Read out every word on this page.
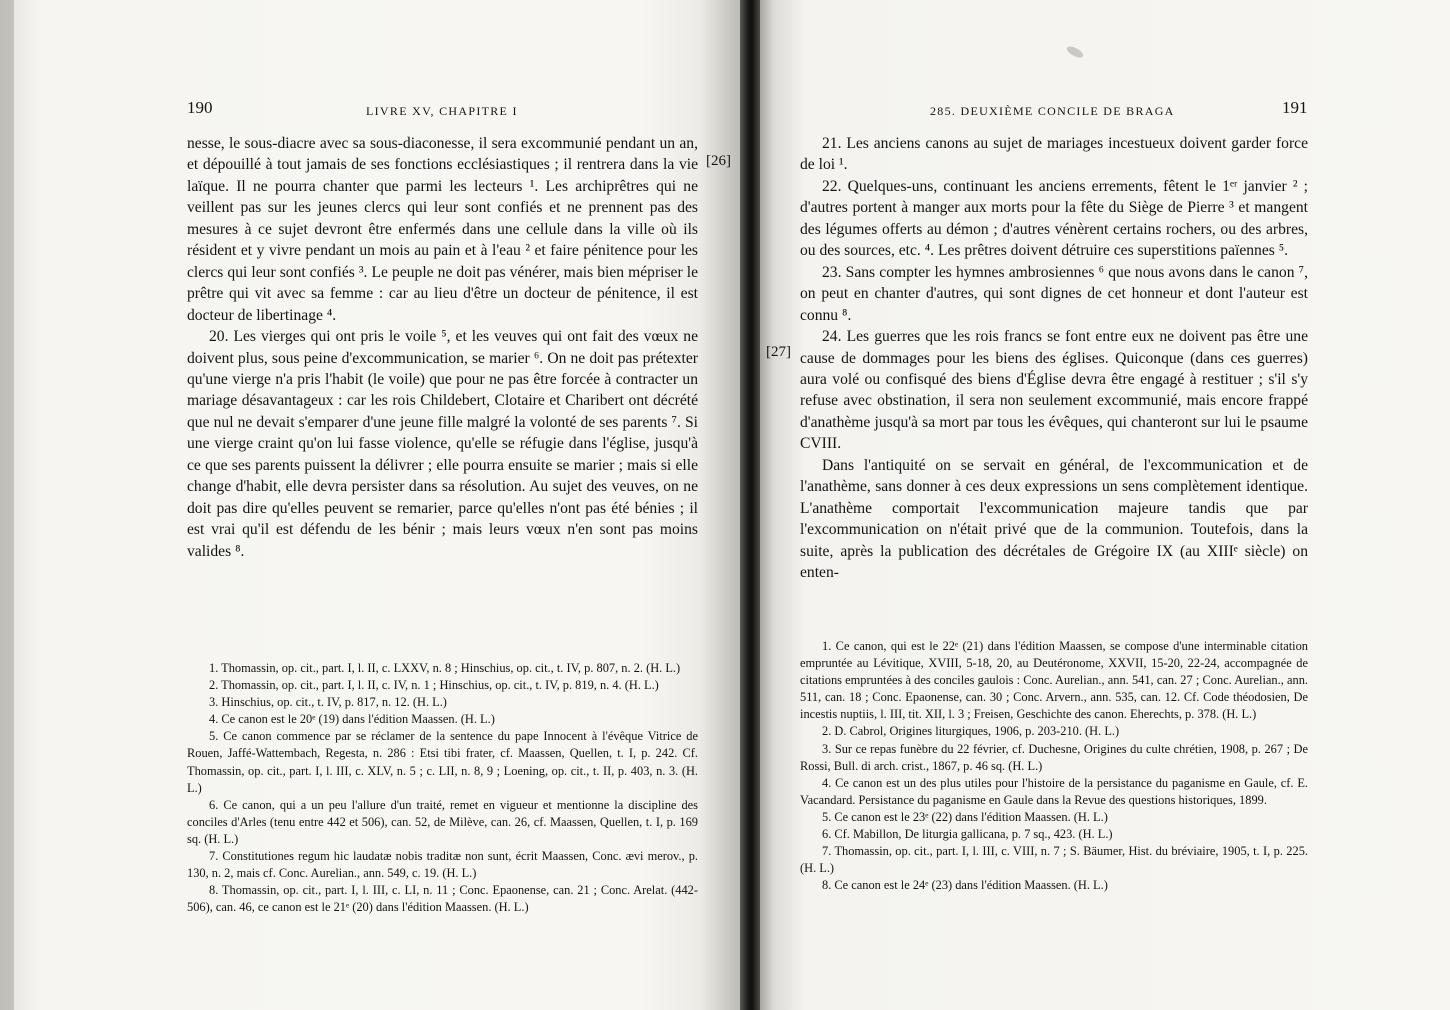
190	LIVRE XV, CHAPITRE I

nesse, le sous-diacre avec sa sous-diaconesse, il sera excommunié pendant un an, et dépouillé à tout jamais de ses fonctions ecclésiastiques ; il rentrera dans la vie laïque. Il ne pourra chanter que parmi les lecteurs ¹. Les archiprêtres qui ne veillent pas sur les jeunes clercs qui leur sont confiés et ne prennent pas des mesures à ce sujet devront être enfermés dans une cellule dans la ville où ils résident et y vivre pendant un mois au pain et à l'eau ² et faire pénitence pour les clercs qui leur sont confiés ³. Le peuple ne doit pas vénérer, mais bien mépriser le prêtre qui vit avec sa femme : car au lieu d'être un docteur de pénitence, il est docteur de libertinage ⁴.

20. Les vierges qui ont pris le voile ⁵, et les veuves qui ont fait des vœux ne doivent plus, sous peine d'excommunication, se marier ⁶. On ne doit pas prétexter qu'une vierge n'a pris l'habit (le voile) que pour ne pas être forcée à contracter un mariage désavantageux : car les rois Childebert, Clotaire et Charibert ont décrété que nul ne devait s'emparer d'une jeune fille malgré la volonté de ses parents ⁷. Si une vierge craint qu'on lui fasse violence, qu'elle se réfugie dans l'église, jusqu'à ce que ses parents puissent la délivrer ; elle pourra ensuite se marier ; mais si elle change d'habit, elle devra persister dans sa résolution. Au sujet des veuves, on ne doit pas dire qu'elles peuvent se remarier, parce qu'elles n'ont pas été bénies ; il est vrai qu'il est défendu de les bénir ; mais leurs vœux n'en sont pas moins valides ⁸.

1. Thomassin, op. cit., part. I, l. II, c. LXXV, n. 8 ; Hinschius, op. cit., t. IV, p. 807, n. 2. (H. L.)

2. Thomassin, op. cit., part. I, l. II, c. IV, n. 1 ; Hinschius, op. cit., t. IV, p. 819, n. 4. (H. L.)

3. Hinschius, op. cit., t. IV, p. 817, n. 12. (H. L.)

4. Ce canon est le 20ᵉ (19) dans l'édition Maassen. (H. L.)

5. Ce canon commence par se réclamer de la sentence du pape Innocent à l'évêque Vitrice de Rouen, Jaffé-Wattembach, Regesta, n. 286 : Etsi tibi frater, cf. Maassen, Quellen, t. I, p. 242. Cf. Thomassin, op. cit., part. I, l. III, c. XLV, n. 5 ; c. LII, n. 8, 9 ; Loening, op. cit., t. II, p. 403, n. 3. (H. L.)

6. Ce canon, qui a un peu l'allure d'un traité, remet en vigueur et mentionne la discipline des conciles d'Arles (tenu entre 442 et 506), can. 52, de Milève, can. 26, cf. Maassen, Quellen, t. I, p. 169 sq. (H. L.)

7. Constitutiones regum hic laudatæ nobis traditæ non sunt, écrit Maassen, Conc. ævi merov., p. 130, n. 2, mais cf. Conc. Aurelian., ann. 549, c. 19. (H. L.)

8. Thomassin, op. cit., part. I, l. III, c. LI, n. 11 ; Conc. Epaonense, can. 21 ; Conc. Arelat. (442-506), can. 46, ce canon est le 21ᵉ (20) dans l'édition Maassen. (H. L.)

[26]
285. DEUXIÈME CONCILE DE BRAGA	191

21. Les anciens canons au sujet de mariages incestueux doivent garder force de loi ¹.

22. Quelques-uns, continuant les anciens errements, fêtent le 1ᵉʳ janvier ² ; d'autres portent à manger aux morts pour la fête du Siège de Pierre ³ et mangent des légumes offerts au démon ; d'autres vénèrent certains rochers, ou des arbres, ou des sources, etc. ⁴. Les prêtres doivent détruire ces superstitions païennes ⁵.

23. Sans compter les hymnes ambrosiennes ⁶ que nous avons dans le canon ⁷, on peut en chanter d'autres, qui sont dignes de cet honneur et dont l'auteur est connu ⁸.

24. Les guerres que les rois francs se font entre eux ne doivent pas être une cause de dommages pour les biens des églises. Quiconque (dans ces guerres) aura volé ou confisqué des biens d'Église devra être engagé à restituer ; s'il s'y refuse avec obstination, il sera non seulement excommunié, mais encore frappé d'anathème jusqu'à sa mort par tous les évêques, qui chanteront sur lui le psaume CVIII.

Dans l'antiquité on se servait en général, de l'excommunication et de l'anathème, sans donner à ces deux expressions un sens complètement identique. L'anathème comportait l'excommunication majeure tandis que par l'excommunication on n'était privé que de la communion. Toutefois, dans la suite, après la publication des décrétales de Grégoire IX (au XIIIᵉ siècle) on enten-

1. Ce canon, qui est le 22ᵉ (21) dans l'édition Maassen, se compose d'une interminable citation empruntée au Lévitique, XVIII, 5-18, 20, au Deutéronome, XXVII, 15-20, 22-24, accompagnée de citations empruntées à des conciles gaulois : Conc. Aurelian., ann. 541, can. 27 ; Conc. Aurelian., ann. 511, can. 18 ; Conc. Epaonense, can. 30 ; Conc. Arvern., ann. 535, can. 12. Cf. Code théodosien, De incestis nuptiis, l. III, tit. XII, l. 3 ; Freisen, Geschichte des canon. Eherechts, p. 378. (H. L.)

2. D. Cabrol, Origines liturgiques, 1906, p. 203-210. (H. L.)

3. Sur ce repas funèbre du 22 février, cf. Duchesne, Origines du culte chrétien, 1908, p. 267 ; De Rossi, Bull. di arch. crist., 1867, p. 46 sq. (H. L.)

4. Ce canon est un des plus utiles pour l'histoire de la persistance du paganisme en Gaule, cf. E. Vacandard. Persistance du paganisme en Gaule dans la Revue des questions historiques, 1899.

5. Ce canon est le 23ᵉ (22) dans l'édition Maassen. (H. L.)

6. Cf. Mabillon, De liturgia gallicana, p. 7 sq., 423. (H. L.)

7. Thomassin, op. cit., part. I, l. III, c. VIII, n. 7 ; S. Bäumer, Hist. du bréviaire, 1905, t. I, p. 225. (H. L.)

8. Ce canon est le 24ᵉ (23) dans l'édition Maassen. (H. L.)

[27]
